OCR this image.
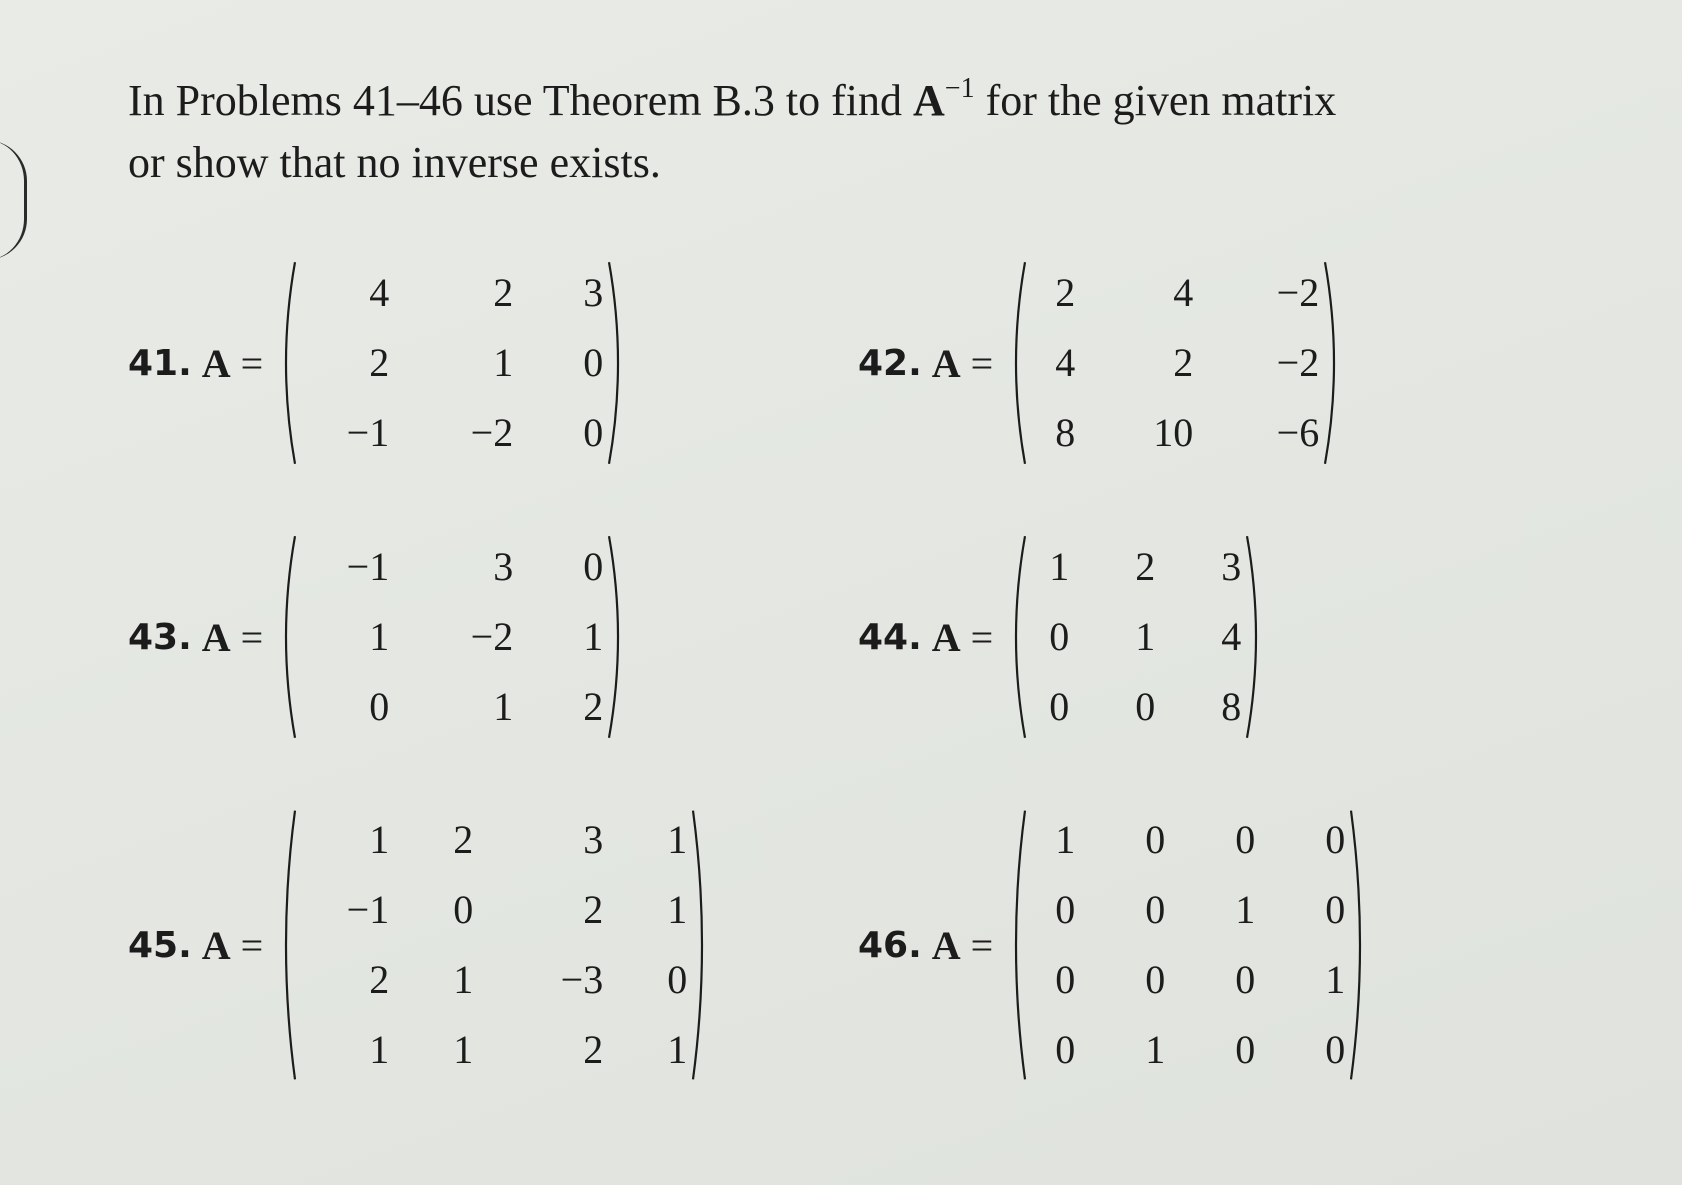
In Problems 41–46 use Theorem B.3 to find $A^{-1}$ for the given matrix
or show that no inverse exists.
41. A =
4	2	3
2	1	0
−1	−2	0
42. A =
2	4	−2
4	2	−2
8	10	−6
43. A =
−1	3	0
1	−2	1
0	1	2
44. A =
1	2	3
0	1	4
0	0	8
45. A =
1	2	3	1
−1	0	2	1
2	1	−3	0
1	1	2	1
46. A =
1	0	0	0
0	0	1	0
0	0	0	1
0	1	0	0
